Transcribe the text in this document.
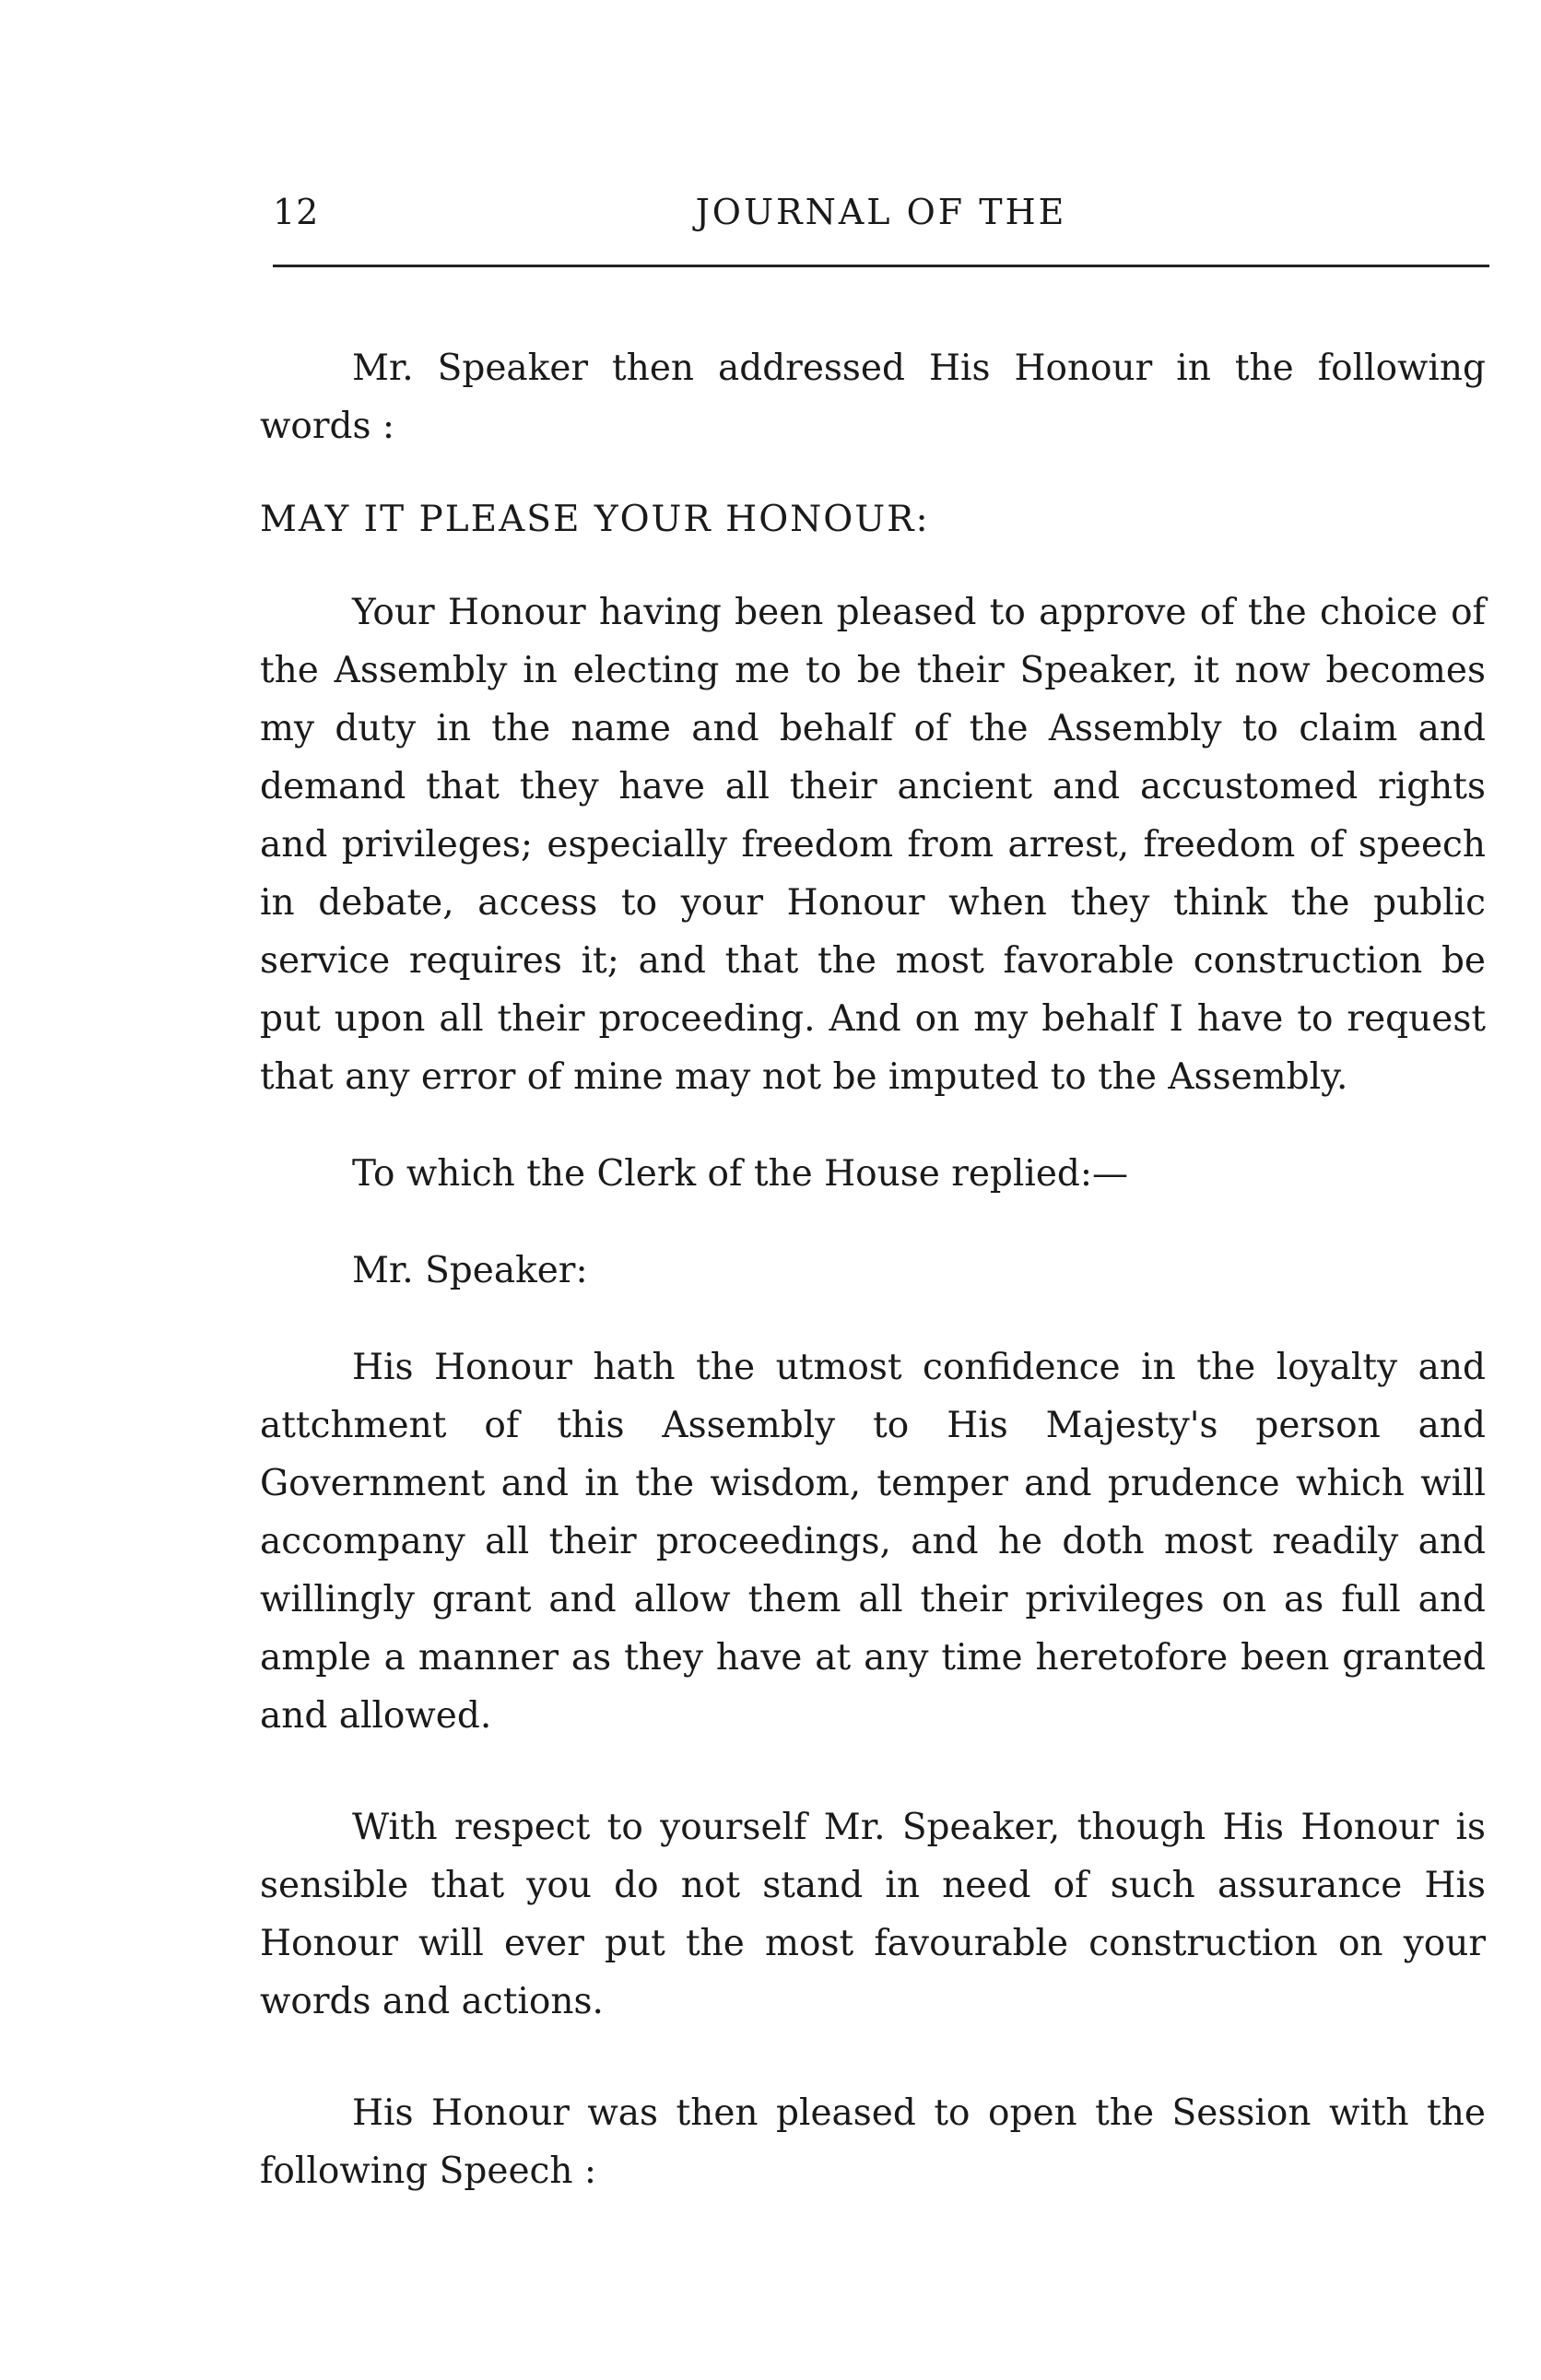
12	JOURNAL OF THE

Mr. Speaker then addressed His Honour in the following words :

MAY IT PLEASE YOUR HONOUR:

Your Honour having been pleased to approve of the choice of the Assembly in electing me to be their Speaker, it now becomes my duty in the name and behalf of the Assembly to claim and demand that they have all their ancient and accustomed rights and privileges; especially freedom from arrest, freedom of speech in debate, access to your Honour when they think the public service requires it; and that the most favorable construction be put upon all their proceeding. And on my behalf I have to request that any error of mine may not be imputed to the Assembly.

To which the Clerk of the House replied:—

Mr. Speaker:

His Honour hath the utmost confidence in the loyalty and attchment of this Assembly to His Majesty's person and Government and in the wisdom, temper and prudence which will accompany all their proceedings, and he doth most readily and willingly grant and allow them all their privileges on as full and ample a manner as they have at any time heretofore been granted and allowed.

With respect to yourself Mr. Speaker, though His Honour is sensible that you do not stand in need of such assurance His Honour will ever put the most favourable construction on your words and actions.

His Honour was then pleased to open the Session with the following Speech :
